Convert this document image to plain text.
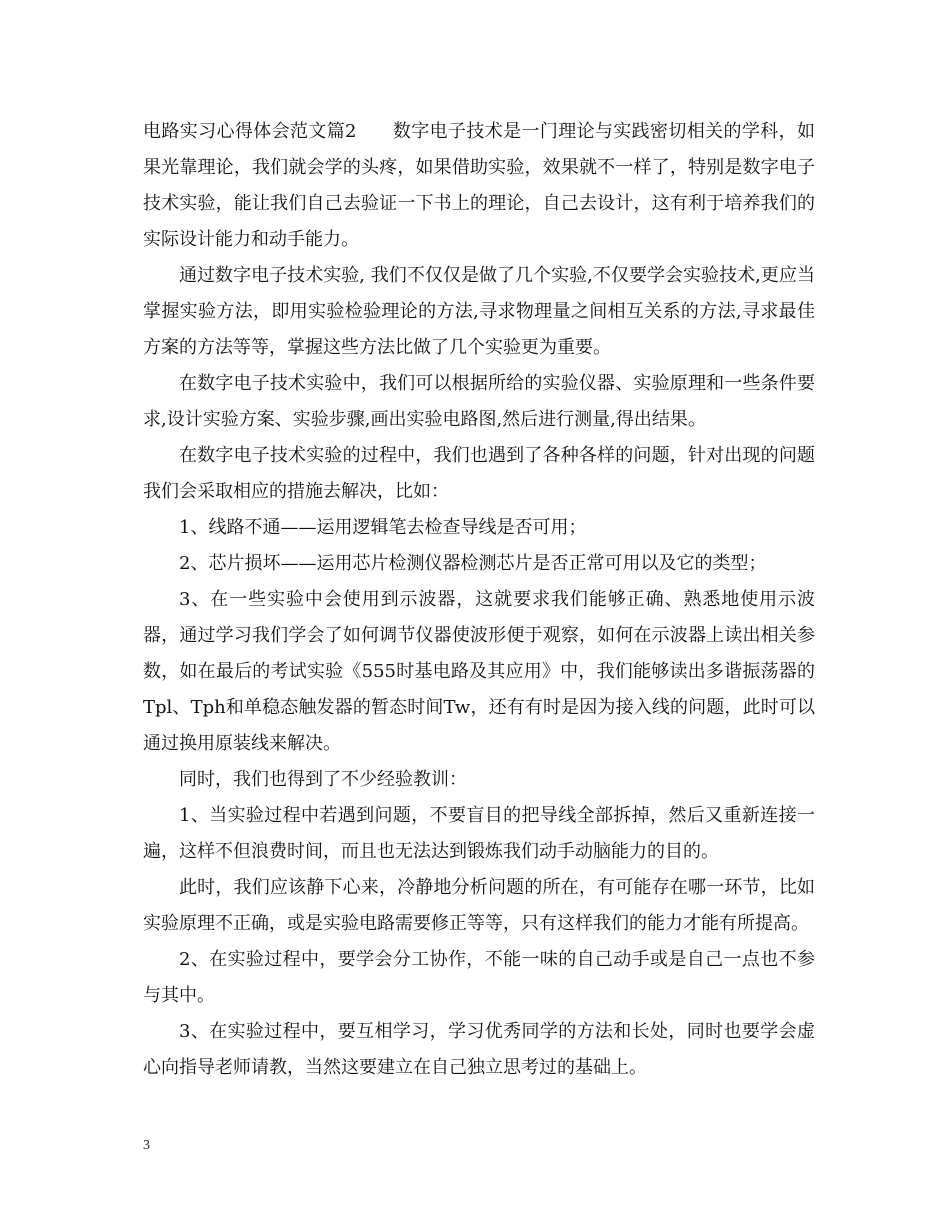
电路实习心得体会范文篇2 数字电子技术是一门理论与实践密切相关的学科，如果光靠理论，我们就会学的头疼，如果借助实验，效果就不一样了，特别是数字电子技术实验，能让我们自己去验证一下书上的理论，自己去设计，这有利于培养我们的实际设计能力和动手能力。

通过数字电子技术实验, 我们不仅仅是做了几个实验,不仅要学会实验技术,更应当掌握实验方法，即用实验检验理论的方法,寻求物理量之间相互关系的方法,寻求最佳方案的方法等等，掌握这些方法比做了几个实验更为重要。

在数字电子技术实验中，我们可以根据所给的实验仪器、实验原理和一些条件要求,设计实验方案、实验步骤,画出实验电路图,然后进行测量,得出结果。

在数字电子技术实验的过程中，我们也遇到了各种各样的问题，针对出现的问题我们会采取相应的措施去解决，比如：

1、线路不通——运用逻辑笔去检查导线是否可用；

2、芯片损坏——运用芯片检测仪器检测芯片是否正常可用以及它的类型；

3、在一些实验中会使用到示波器，这就要求我们能够正确、熟悉地使用示波器，通过学习我们学会了如何调节仪器使波形便于观察，如何在示波器上读出相关参数，如在最后的考试实验《555时基电路及其应用》中，我们能够读出多谐振荡器的Tpl、Tph和单稳态触发器的暂态时间Tw，还有有时是因为接入线的问题，此时可以通过换用原装线来解决。

同时，我们也得到了不少经验教训：

1、当实验过程中若遇到问题，不要盲目的把导线全部拆掉，然后又重新连接一遍，这样不但浪费时间，而且也无法达到锻炼我们动手动脑能力的目的。

此时，我们应该静下心来，冷静地分析问题的所在，有可能存在哪一环节，比如实验原理不正确，或是实验电路需要修正等等，只有这样我们的能力才能有所提高。

2、在实验过程中，要学会分工协作，不能一味的自己动手或是自己一点也不参与其中。

3、在实验过程中，要互相学习，学习优秀同学的方法和长处，同时也要学会虚心向指导老师请教，当然这要建立在自己独立思考过的基础上。

3
